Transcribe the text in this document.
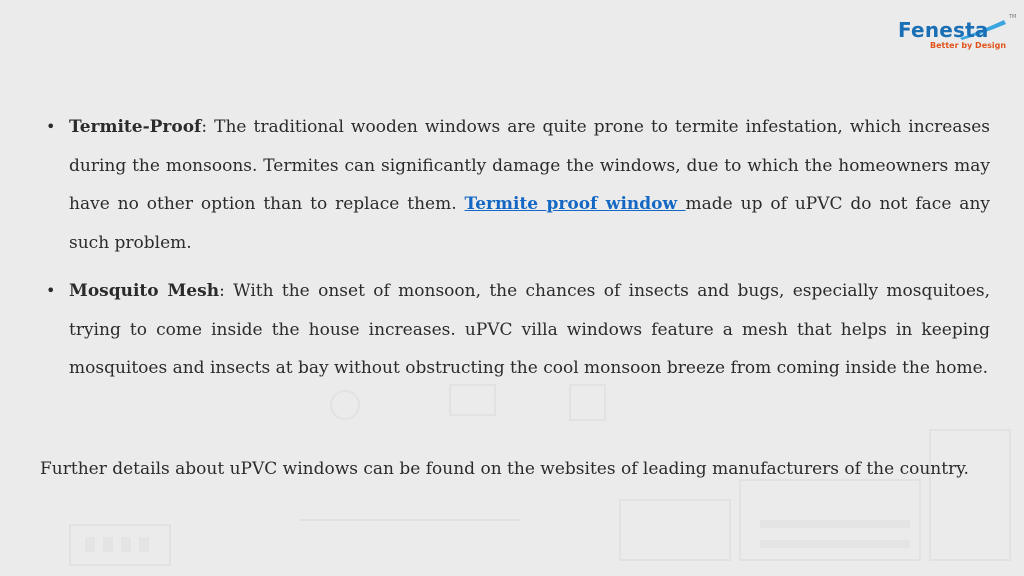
Fenesta
TM
Better by Design
• Termite-Proof: The traditional wooden windows are quite prone to termite infestation, which increases during the monsoons. Termites can significantly damage the windows, due to which the homeowners may have no other option than to replace them. Termite proof window made up of uPVC do not face any such problem.
• Mosquito Mesh: With the onset of monsoon, the chances of insects and bugs, especially mosquitoes, trying to come inside the house increases. uPVC villa windows feature a mesh that helps in keeping mosquitoes and insects at bay without obstructing the cool monsoon breeze from coming inside the home.

Further details about uPVC windows can be found on the websites of leading manufacturers of the country.
